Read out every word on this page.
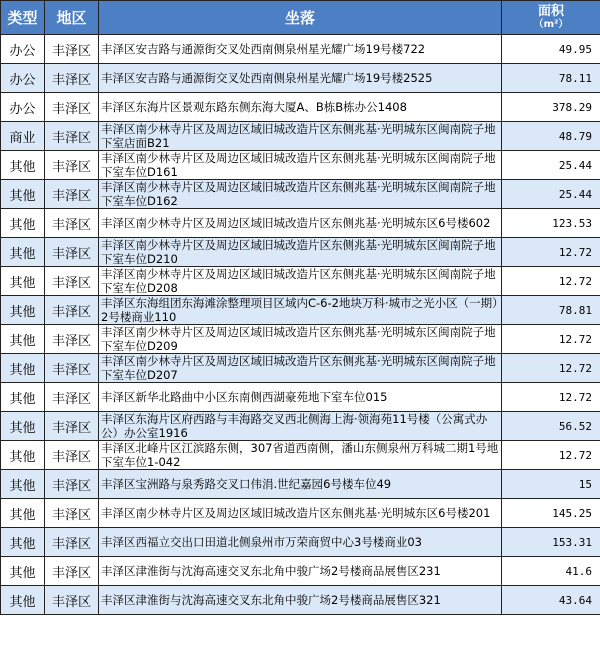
类型	地区	坐落	面积
（m²）

办公	丰泽区	丰泽区安吉路与通源街交叉处西南侧泉州星光耀广场19号楼722	49.95
办公	丰泽区	丰泽区安吉路与通源街交叉处西南侧泉州星光耀广场19号楼2525	78.11
办公	丰泽区	丰泽区东海片区景观东路东侧东海大厦A、B栋B栋办公1408	378.29
商业	丰泽区	丰泽区南少林寺片区及周边区域旧城改造片区东侧兆基·光明城东区闽南院子地下室店面B21	48.79
其他	丰泽区	丰泽区南少林寺片区及周边区域旧城改造片区东侧兆基·光明城东区闽南院子地下室车位D161	25.44
其他	丰泽区	丰泽区南少林寺片区及周边区域旧城改造片区东侧兆基·光明城东区闽南院子地下室车位D162	25.44
其他	丰泽区	丰泽区南少林寺片区及周边区域旧城改造片区东侧兆基·光明城东区6号楼602	123.53
其他	丰泽区	丰泽区南少林寺片区及周边区域旧城改造片区东侧兆基·光明城东区闽南院子地下室车位D210	12.72
其他	丰泽区	丰泽区南少林寺片区及周边区域旧城改造片区东侧兆基·光明城东区闽南院子地下室车位D208	12.72
其他	丰泽区	丰泽区东海组团东海滩涂整理项目区域内C-6-2地块万科·城市之光小区（一期）2号楼商业110	78.81
其他	丰泽区	丰泽区南少林寺片区及周边区域旧城改造片区东侧兆基·光明城东区闽南院子地下室车位D209	12.72
其他	丰泽区	丰泽区南少林寺片区及周边区域旧城改造片区东侧兆基·光明城东区闽南院子地下室车位D207	12.72
其他	丰泽区	丰泽区新华北路曲中小区东南侧西湖豪苑地下室车位015	12.72
其他	丰泽区	丰泽区东海片区府西路与丰海路交叉西北侧海上海·领海苑11号楼（公寓式办公）办公室1916	56.52
其他	丰泽区	丰泽区北峰片区江滨路东侧，307省道西南侧，潘山东侧泉州万科城二期1号地下室车位1-042	12.72
其他	丰泽区	丰泽区宝洲路与泉秀路交叉口伟涓.世纪嘉园6号楼车位49	15
其他	丰泽区	丰泽区南少林寺片区及周边区域旧城改造片区东侧兆基·光明城东区6号楼201	145.25
其他	丰泽区	丰泽区西福立交出口田道北侧泉州市万荣商贸中心3号楼商业03	153.31
其他	丰泽区	丰泽区津淮街与沈海高速交叉东北角中骏广场2号楼商品展售区231	41.6
其他	丰泽区	丰泽区津淮街与沈海高速交叉东北角中骏广场2号楼商品展售区321	43.64
